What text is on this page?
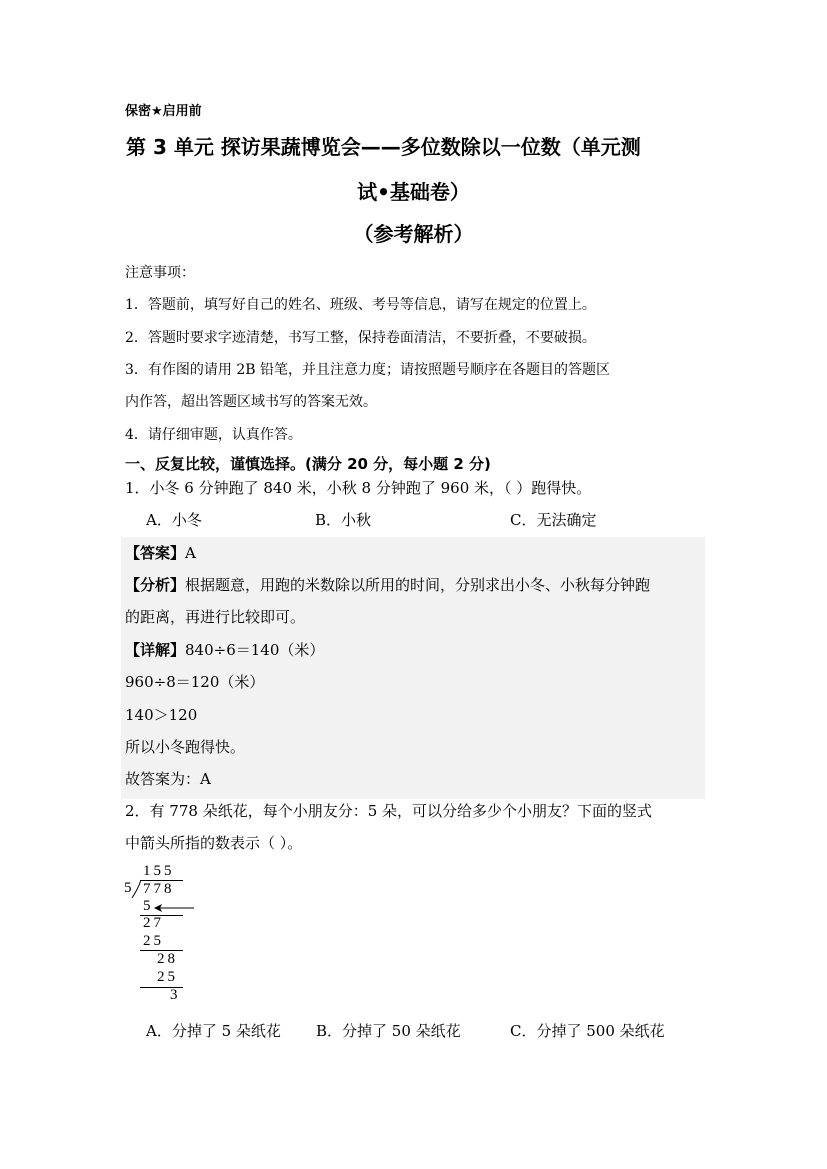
保密★启用前
第 3 单元 探访果蔬博览会——多位数除以一位数（单元测
试•基础卷）
（参考解析）
注意事项：
1．答题前，填写好自己的姓名、班级、考号等信息，请写在规定的位置上。
2．答题时要求字迹清楚，书写工整，保持卷面清洁，不要折叠，不要破损。
3．有作图的请用 2B 铅笔，并且注意力度；请按照题号顺序在各题目的答题区
内作答，超出答题区域书写的答案无效。
4．请仔细审题，认真作答。
一、反复比较，谨慎选择。(满分 20 分，每小题 2 分)
1．小冬 6 分钟跑了 840 米，小秋 8 分钟跑了 960 米，（ ）跑得快。
A．小冬	B．小秋	C．无法确定
【答案】A
【分析】根据题意，用跑的米数除以所用的时间，分别求出小冬、小秋每分钟跑
的距离，再进行比较即可。
【详解】840÷6＝140（米）
960÷8＝120（米）
140＞120
所以小冬跑得快。
故答案为：A
2．有 778 朵纸花，每个小朋友分：5 朵，可以分给多少个小朋友？下面的竖式
中箭头所指的数表示（ ）。
155
5 778
5
27
25
28
25
3
A．分掉了 5 朵纸花 B．分掉了 50 朵纸花	C．分掉了 500 朵纸花
